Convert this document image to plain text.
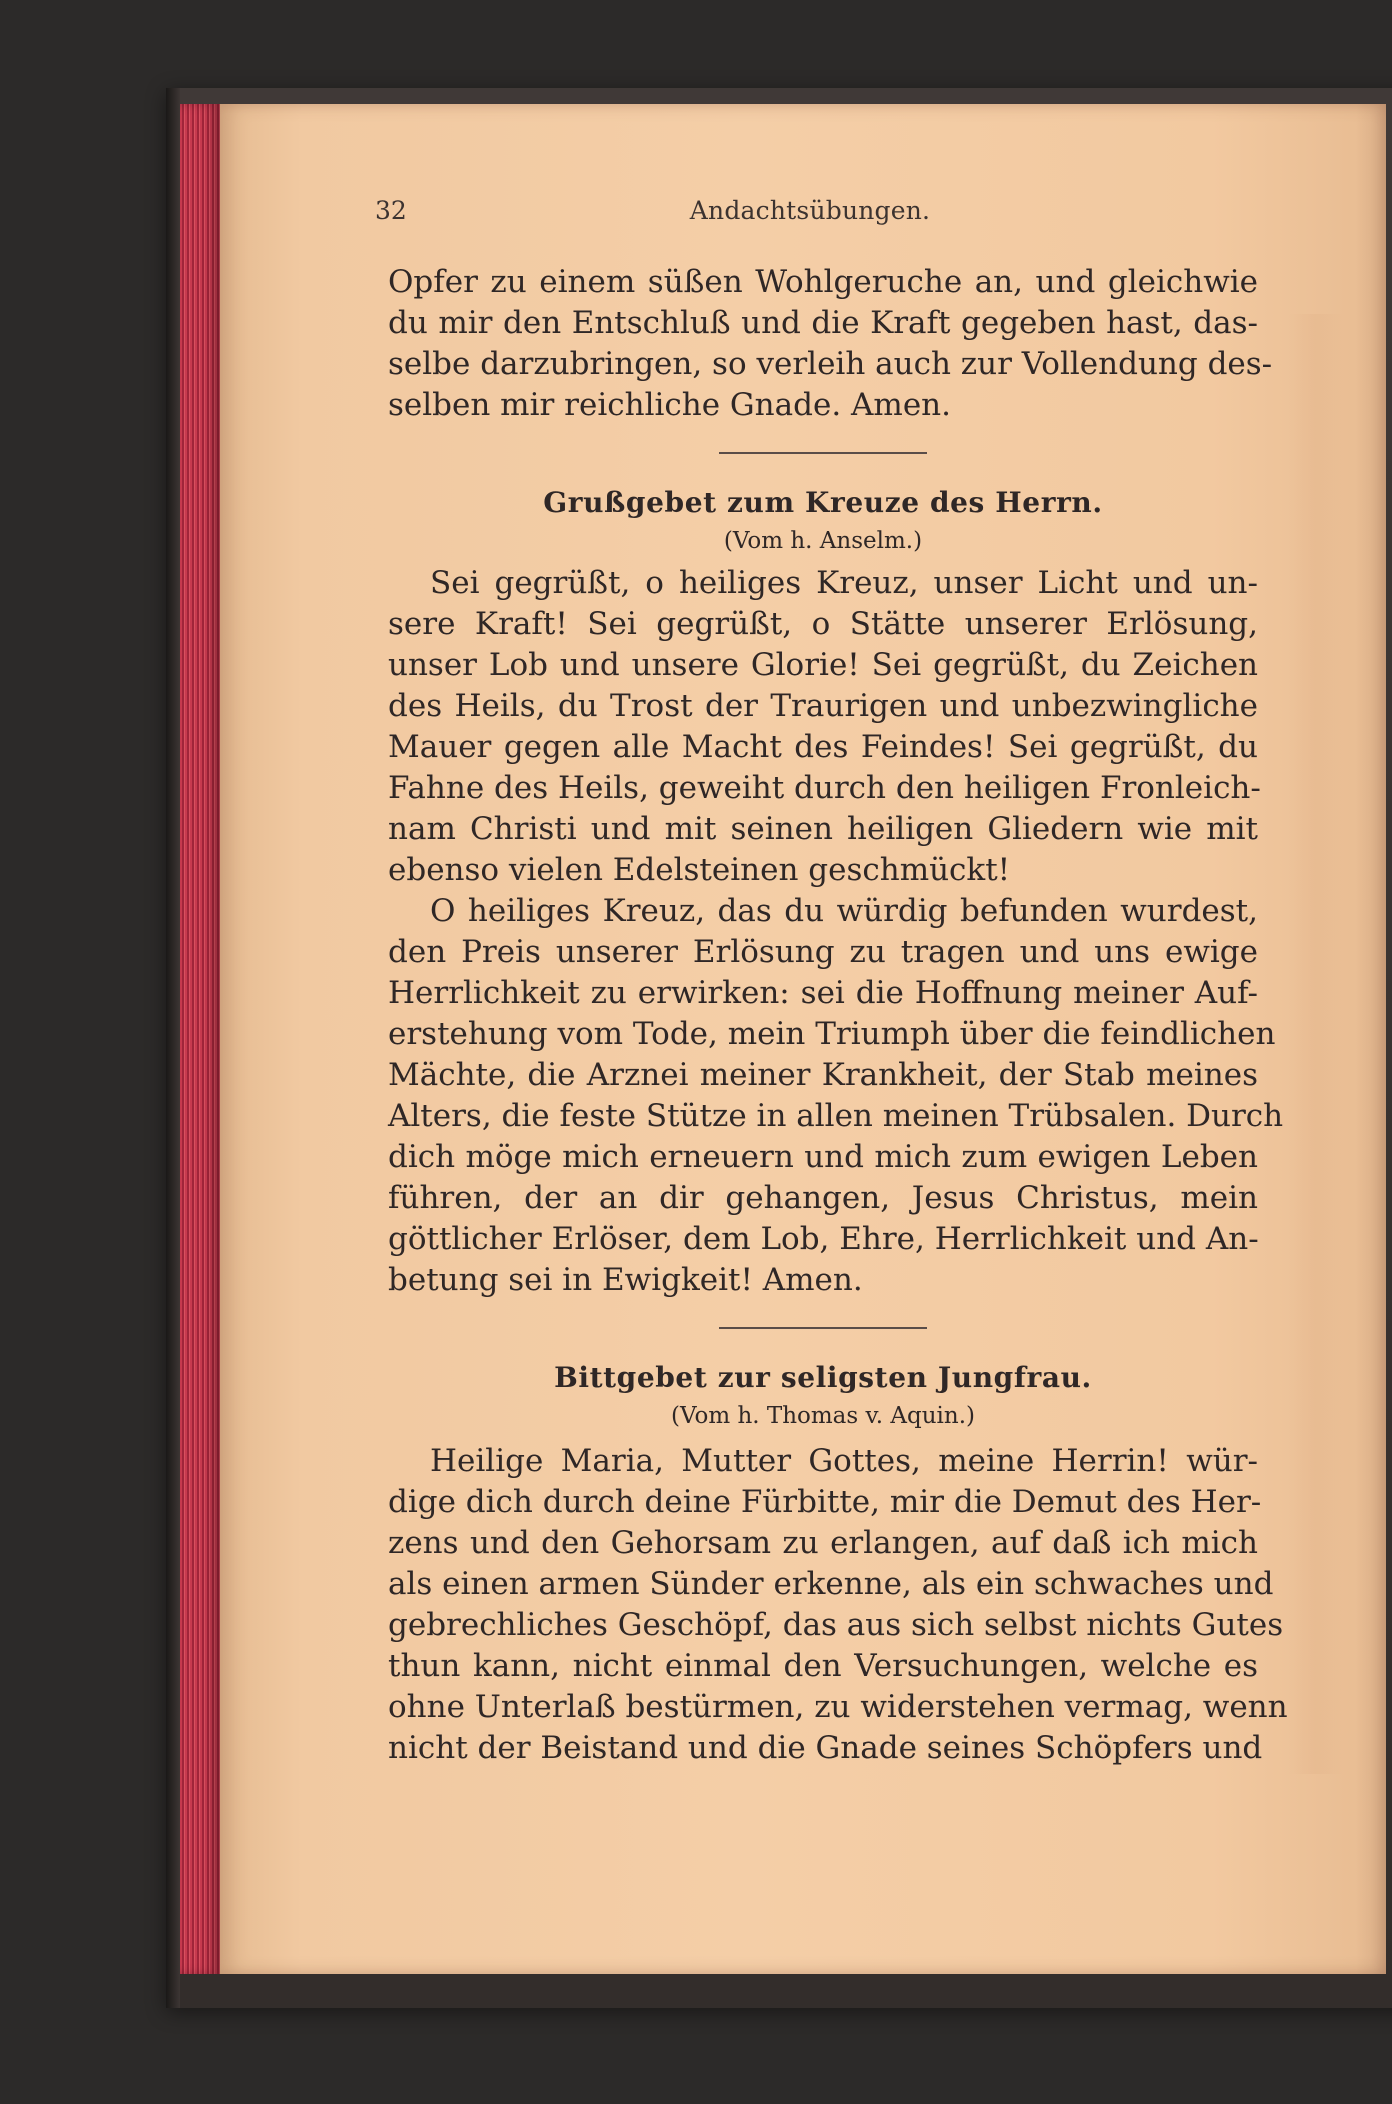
32	Andachtsübungen.
Opfer zu einem süßen Wohlgeruche an, und gleichwie
du mir den Entschluß und die Kraft gegeben hast, das-
selbe darzubringen, so verleih auch zur Vollendung des-
selben mir reichliche Gnade. Amen.
Grußgebet zum Kreuze des Herrn.
(Vom h. Anselm.)
Sei gegrüßt, o heiliges Kreuz, unser Licht und un-
sere Kraft! Sei gegrüßt, o Stätte unserer Erlösung,
unser Lob und unsere Glorie! Sei gegrüßt, du Zeichen
des Heils, du Trost der Traurigen und unbezwingliche
Mauer gegen alle Macht des Feindes! Sei gegrüßt, du
Fahne des Heils, geweiht durch den heiligen Fronleich-
nam Christi und mit seinen heiligen Gliedern wie mit
ebenso vielen Edelsteinen geschmückt!
O heiliges Kreuz, das du würdig befunden wurdest,
den Preis unserer Erlösung zu tragen und uns ewige
Herrlichkeit zu erwirken: sei die Hoffnung meiner Auf-
erstehung vom Tode, mein Triumph über die feindlichen
Mächte, die Arznei meiner Krankheit, der Stab meines
Alters, die feste Stütze in allen meinen Trübsalen. Durch
dich möge mich erneuern und mich zum ewigen Leben
führen, der an dir gehangen, Jesus Christus, mein
göttlicher Erlöser, dem Lob, Ehre, Herrlichkeit und An-
betung sei in Ewigkeit! Amen.
Bittgebet zur seligsten Jungfrau.
(Vom h. Thomas v. Aquin.)
Heilige Maria, Mutter Gottes, meine Herrin! wür-
dige dich durch deine Fürbitte, mir die Demut des Her-
zens und den Gehorsam zu erlangen, auf daß ich mich
als einen armen Sünder erkenne, als ein schwaches und
gebrechliches Geschöpf, das aus sich selbst nichts Gutes
thun kann, nicht einmal den Versuchungen, welche es
ohne Unterlaß bestürmen, zu widerstehen vermag, wenn
nicht der Beistand und die Gnade seines Schöpfers und
